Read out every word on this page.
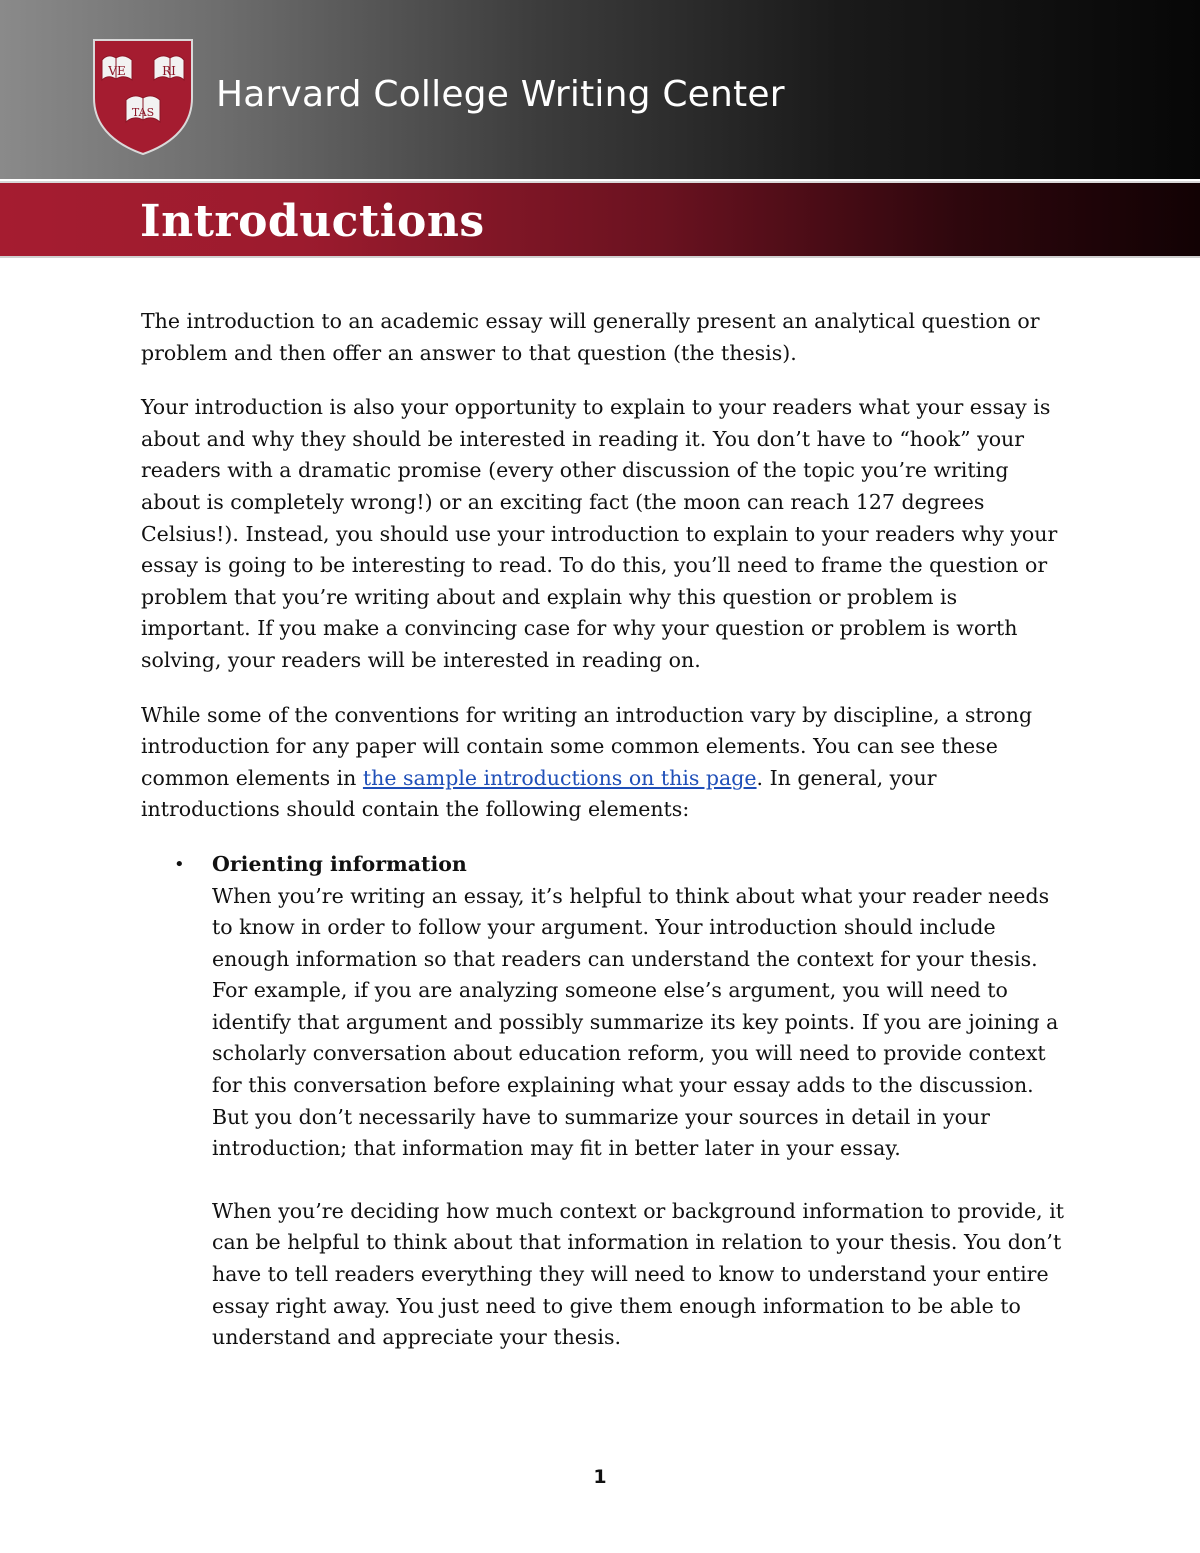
VE	RI
TAS Harvard College Writing Center
Introductions

The introduction to an academic essay will generally present an analytical question or problem and then offer an answer to that question (the thesis).

Your introduction is also your opportunity to explain to your readers what your essay is about and why they should be interested in reading it. You don’t have to “hook” your readers with a dramatic promise (every other discussion of the topic you’re writing about is completely wrong!) or an exciting fact (the moon can reach 127 degrees Celsius!). Instead, you should use your introduction to explain to your readers why your essay is going to be interesting to read. To do this, you’ll need to frame the question or problem that you’re writing about and explain why this question or problem is important. If you make a convincing case for why your question or problem is worth solving, your readers will be interested in reading on.

While some of the conventions for writing an introduction vary by discipline, a strong introduction for any paper will contain some common elements. You can see these common elements in the sample introductions on this page. In general, your introductions should contain the following elements:

• Orienting information
When you’re writing an essay, it’s helpful to think about what your reader needs to know in order to follow your argument. Your introduction should include enough information so that readers can understand the context for your thesis. For example, if you are analyzing someone else’s argument, you will need to identify that argument and possibly summarize its key points. If you are joining a scholarly conversation about education reform, you will need to provide context for this conversation before explaining what your essay adds to the discussion. But you don’t necessarily have to summarize your sources in detail in your introduction; that information may fit in better later in your essay.
When you’re deciding how much context or background information to provide, it can be helpful to think about that information in relation to your thesis. You don’t have to tell readers everything they will need to know to understand your entire essay right away. You just need to give them enough information to be able to understand and appreciate your thesis.
1
